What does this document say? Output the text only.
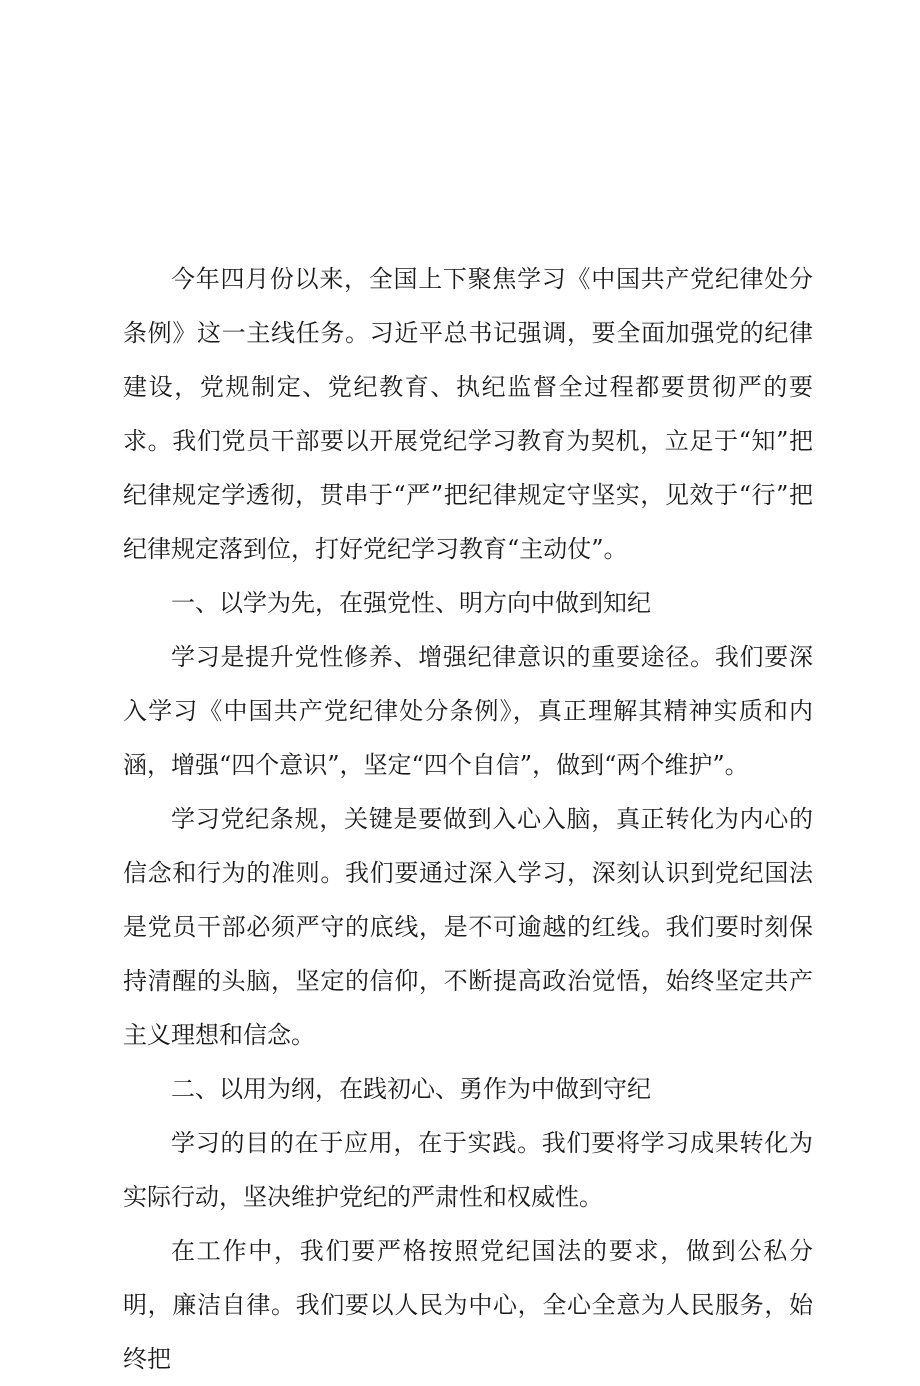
今年四月份以来，全国上下聚焦学习《中国共产党纪律处分条例》这一主线任务。习近平总书记强调，要全面加强党的纪律建设，党规制定、党纪教育、执纪监督全过程都要贯彻严的要求。我们党员干部要以开展党纪学习教育为契机，立足于“知”把纪律规定学透彻，贯串于“严”把纪律规定守坚实，见效于“行”把纪律规定落到位，打好党纪学习教育“主动仗”。

一、以学为先，在强党性、明方向中做到知纪

学习是提升党性修养、增强纪律意识的重要途径。我们要深入学习《中国共产党纪律处分条例》，真正理解其精神实质和内涵，增强“四个意识”，坚定“四个自信”，做到“两个维护”。

学习党纪条规，关键是要做到入心入脑，真正转化为内心的信念和行为的准则。我们要通过深入学习，深刻认识到党纪国法是党员干部必须严守的底线，是不可逾越的红线。我们要时刻保持清醒的头脑，坚定的信仰，不断提高政治觉悟，始终坚定共产主义理想和信念。

二、以用为纲，在践初心、勇作为中做到守纪

学习的目的在于应用，在于实践。我们要将学习成果转化为实际行动，坚决维护党纪的严肃性和权威性。

在工作中，我们要严格按照党纪国法的要求，做到公私分明，廉洁自律。我们要以人民为中心，全心全意为人民服务，始终把
